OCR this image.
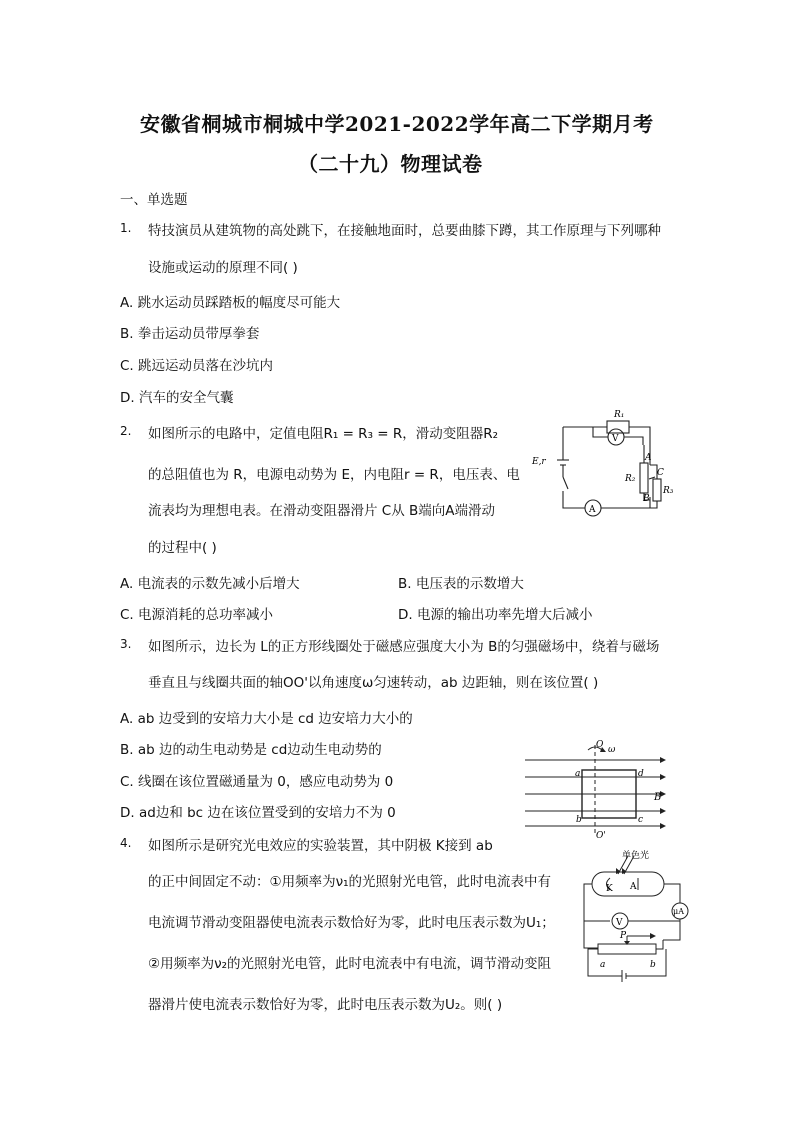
安徽省桐城市桐城中学2021-2022学年高二下学期月考
（二十九）物理试卷
一、单选题
1. 特技演员从建筑物的高处跳下，在接触地面时，总要曲膝下蹲，其工作原理与下列哪种
设施或运动的原理不同( )
A. 跳水运动员踩踏板的幅度尽可能大
B. 拳击运动员带厚拳套
C. 跳远运动员落在沙坑内
D. 汽车的安全气囊
2. 如图所示的电路中，定值电阻R₁ = R₃ = R，滑动变阻器R₂
的总阻值也为 R，电源电动势为 E，内电阻r = R，电压表、电
流表均为理想电表。在滑动变阻器滑片 C从 B端向A端滑动
的过程中( )
A. 电流表的示数先减小后增大	B. 电压表的示数增大
C. 电源消耗的总功率减小	D. 电源的输出功率先增大后减小
R₁
V
E,r	A
C
R₂
B
R₃
A
3. 如图所示，边长为 L的正方形线圈处于磁感应强度大小为 B的匀强磁场中，绕着与磁场
垂直且与线圈共面的轴OO'以角速度ω匀速转动，ab 边距轴，则在该位置( )
A. ab 边受到的安培力大小是 cd 边安培力大小的
B. ab 边的动生电动势是 cd边动生电动势的
C. 线圈在该位置磁通量为 0，感应电动势为 0
D. ad边和 bc 边在该位置受到的安培力不为 0
O ω
a	d
B
b	c
O'
4. 如图所示是研究光电效应的实验装置，其中阴极 K接到 ab
的正中间固定不动：①用频率为ν₁的光照射光电管，此时电流表中有
电流调节滑动变阻器使电流表示数恰好为零，此时电压表示数为U₁；
②用频率为ν₂的光照射光电管，此时电流表中有电流，调节滑动变阻
器滑片使电流表示数恰好为零，此时电压表示数为U₂。则( )
单色光
K A
V
μA
P
a	b
